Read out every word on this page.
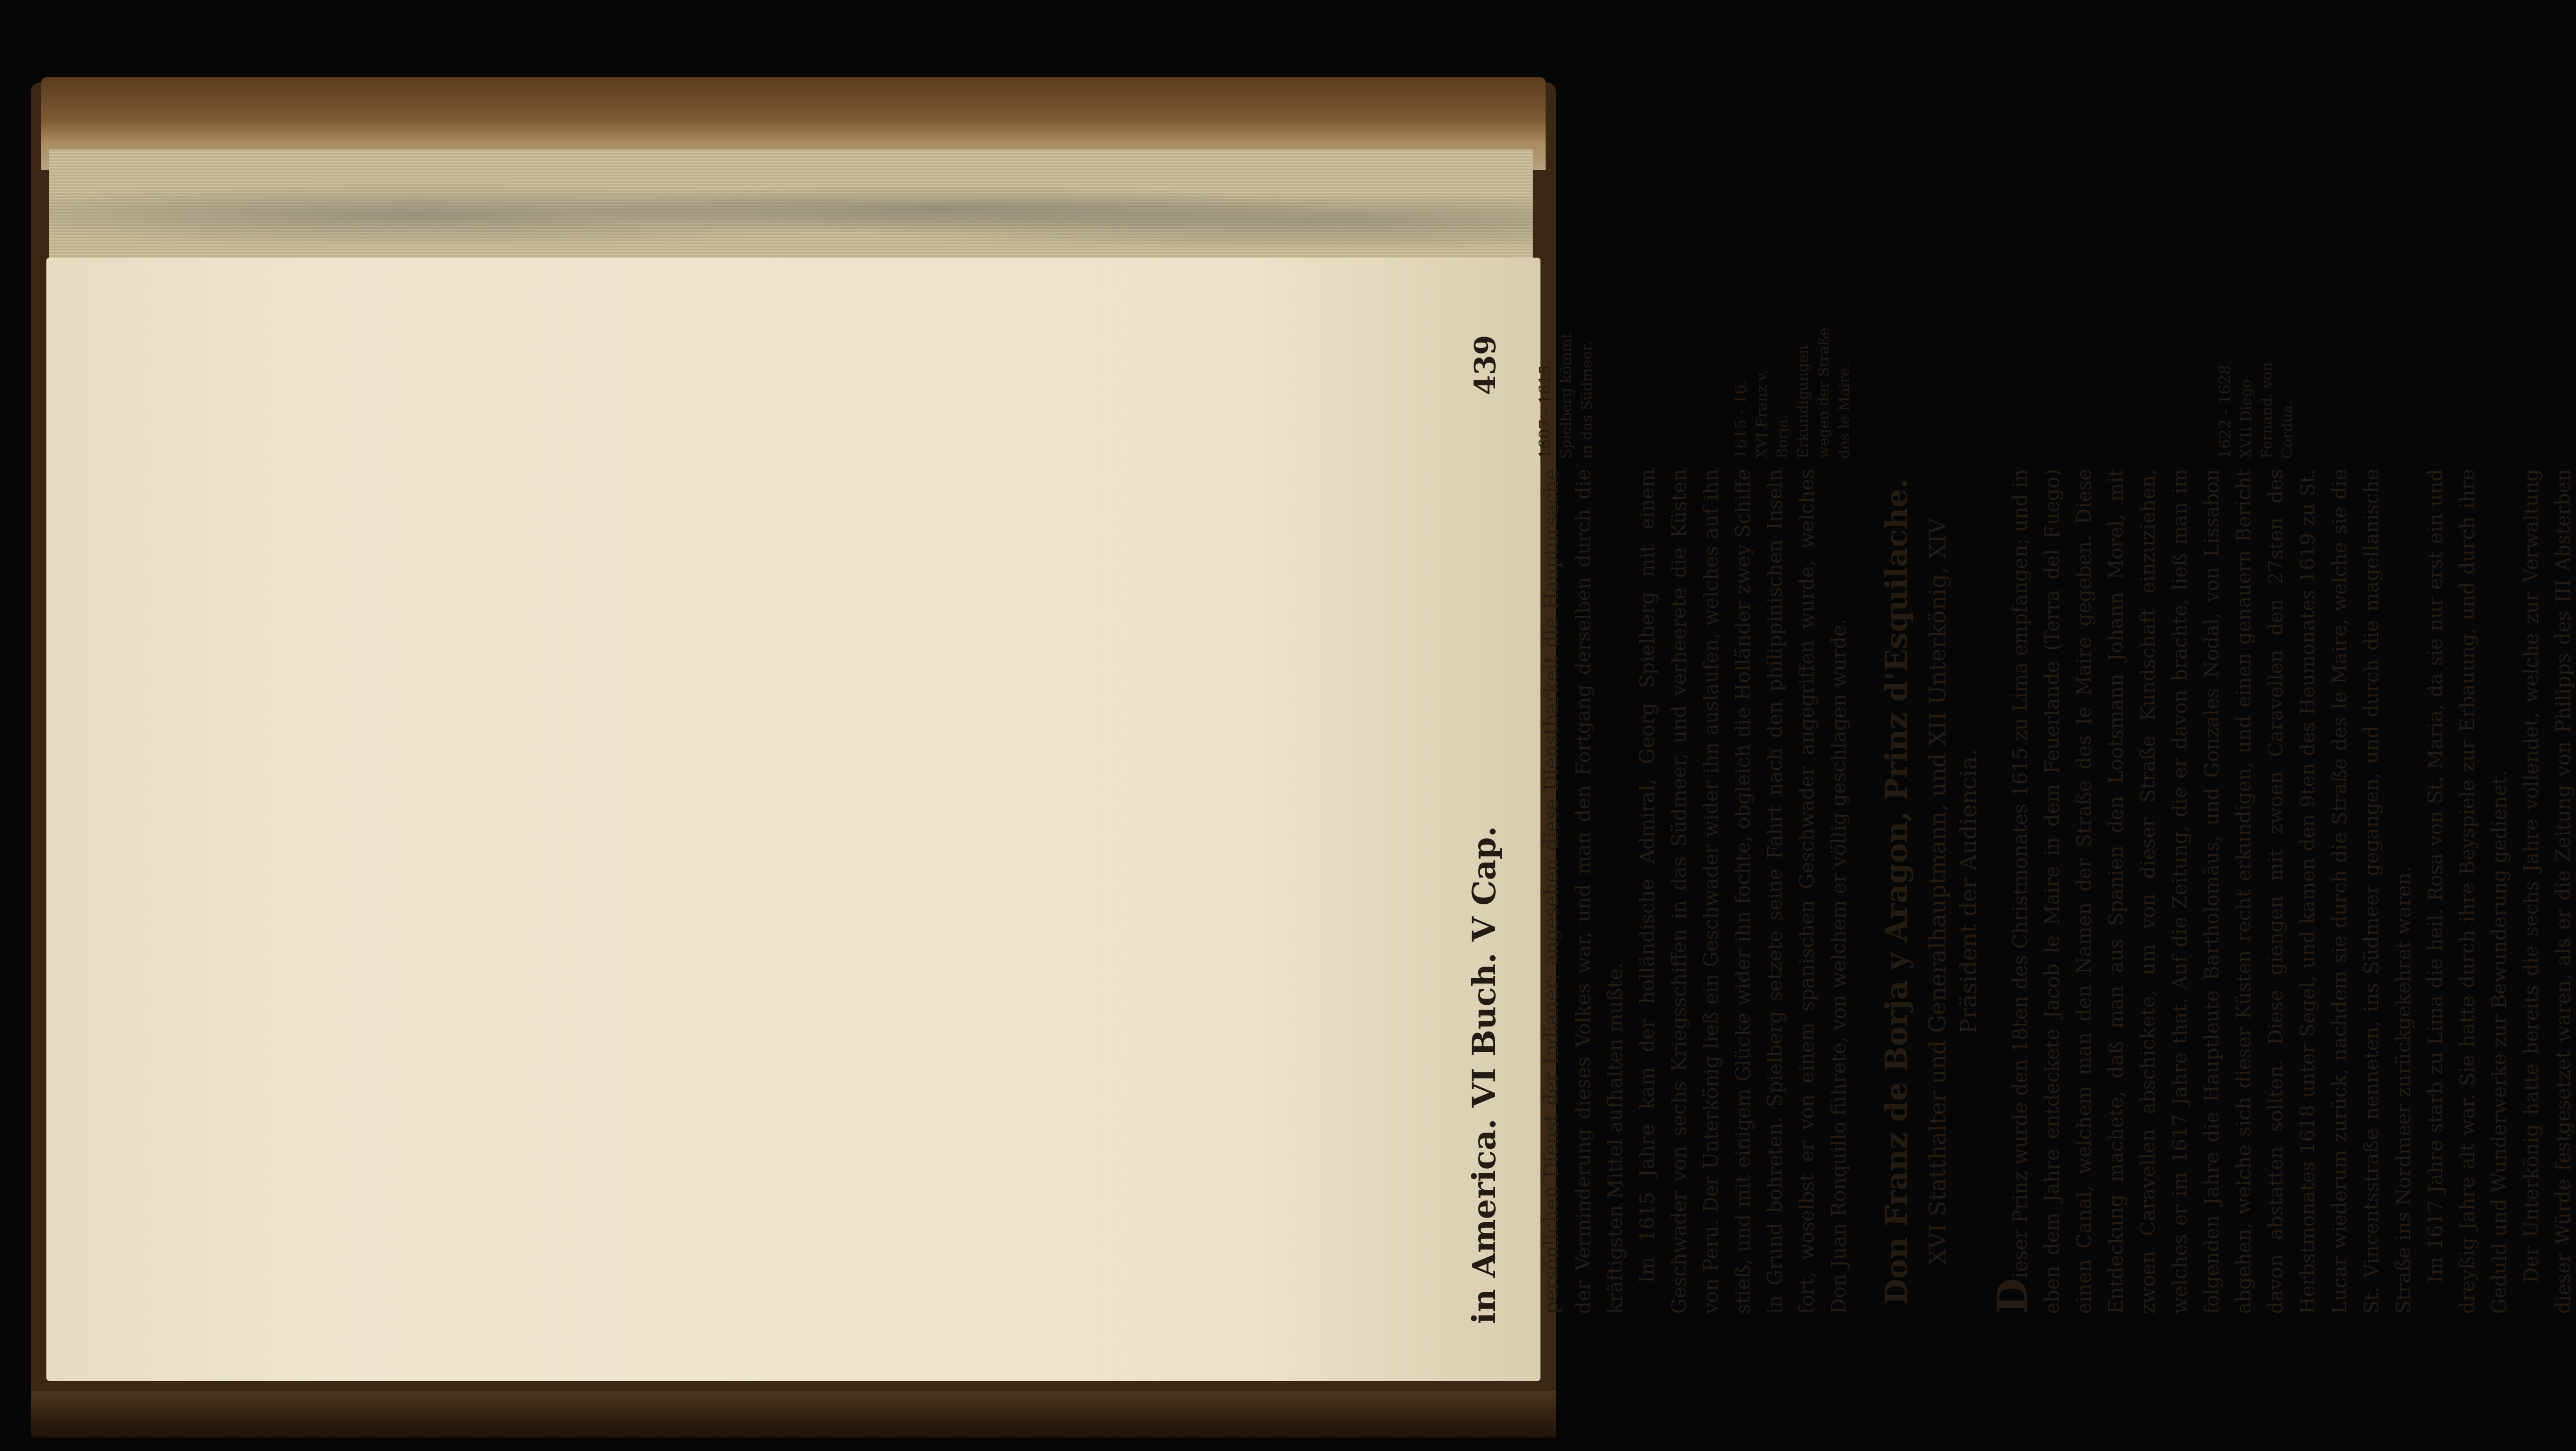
in America. VI Buch. V Cap.
439

persönlichen Dienst der Indianer; angesehen diese Dienstbarkeit die Hauptursache der Verminderung dieses Volkes war, und man den Fortgang derselben durch die kräftigsten Mittel aufhalten mußte. Im 1615 Jahre kam der holländische Admiral, Georg Spielberg mit einem Geschwader von sechs Kriegsschiffen in das Südmeer, und verheerete die Küsten von Peru. Der Unterkönig ließ ein Geschwader wider ihn auslaufen, welches auf ihn stieß, und mit einigem Glücke wider ihn fochte, obgleich die Holländer zwey Schiffe in Grund bohreten. Spielberg setzete seine Fahrt nach den philippinischen Inseln fort, woselbst er von einem spanischen Geschwader angegriffen wurde, welches Don Juan Ronquillo führete, von welchem er völlig geschlagen wurde. Don Franz de Borja y Aragon, Prinz d'Esquilache. XVI Statthalter und Generalhauptmann, und XII Unterkönig, XIV Präsident der Audiencia.

Dieser Prinz wurde den 18ten des Christmonates 1615 zu Lima empfangen; und in eben dem Jahre entdeckete Jacob le Maire in dem Feuerlande (Terra del Fuego) einen Canal, welchem man den Namen der Straße des le Maire gegeben. Diese Entdeckung machete, daß man aus Spanien den Lootsmann Johann Morel, mit zwoen Caravellen abschickete, um von dieser Straße Kundschaft einzuziehen, welches er im 1617 Jahre that. Auf die Zeitung, die er davon brachte, ließ man im folgenden Jahre die Hauptleute Bartholomäus, und Gonzales Nodal, von Lissabon abgehen, welche sich dieser Küsten recht erkundigen, und einen genauern Bericht davon abstatten sollten. Diese giengen mit zwoen Caravellen den 27sten des Herbstmonates 1618 unter Segel, und kamen den 9ten des Heumonates 1619 zu St. Lucar wiederum zurück, nachdem sie durch die Straße des le Maire, welche sie die St. Vincentsstraße nenneten, ins Südmeer gegangen, und durch die magellanische Straße ins Nordmeer zurückgekehret waren. Im 1617 Jahre starb zu Lima die heil. Rosa von St. Maria, da sie nur erst ein und dreyßig Jahre alt war. Sie hatte durch ihre Beyspiele zur Erbauung, und durch ihre Geduld und Wunderwerke zur Bewunderung gedienet. Der Unterkönig hatte bereits die sechs Jahre vollendet, welche zur Verwaltung dieser Würde festgesetzet waren, als er die Zeitung von Philipps des III Absterben

1607 - 1615. Spielberg kömmt in das Südmeer.	1615 - 16. XVI Franz v. Borja. Erkundigungen wegen der Straße des le Maire.	1622 - 1628. XVII Diego Fernand. von Cordua.
